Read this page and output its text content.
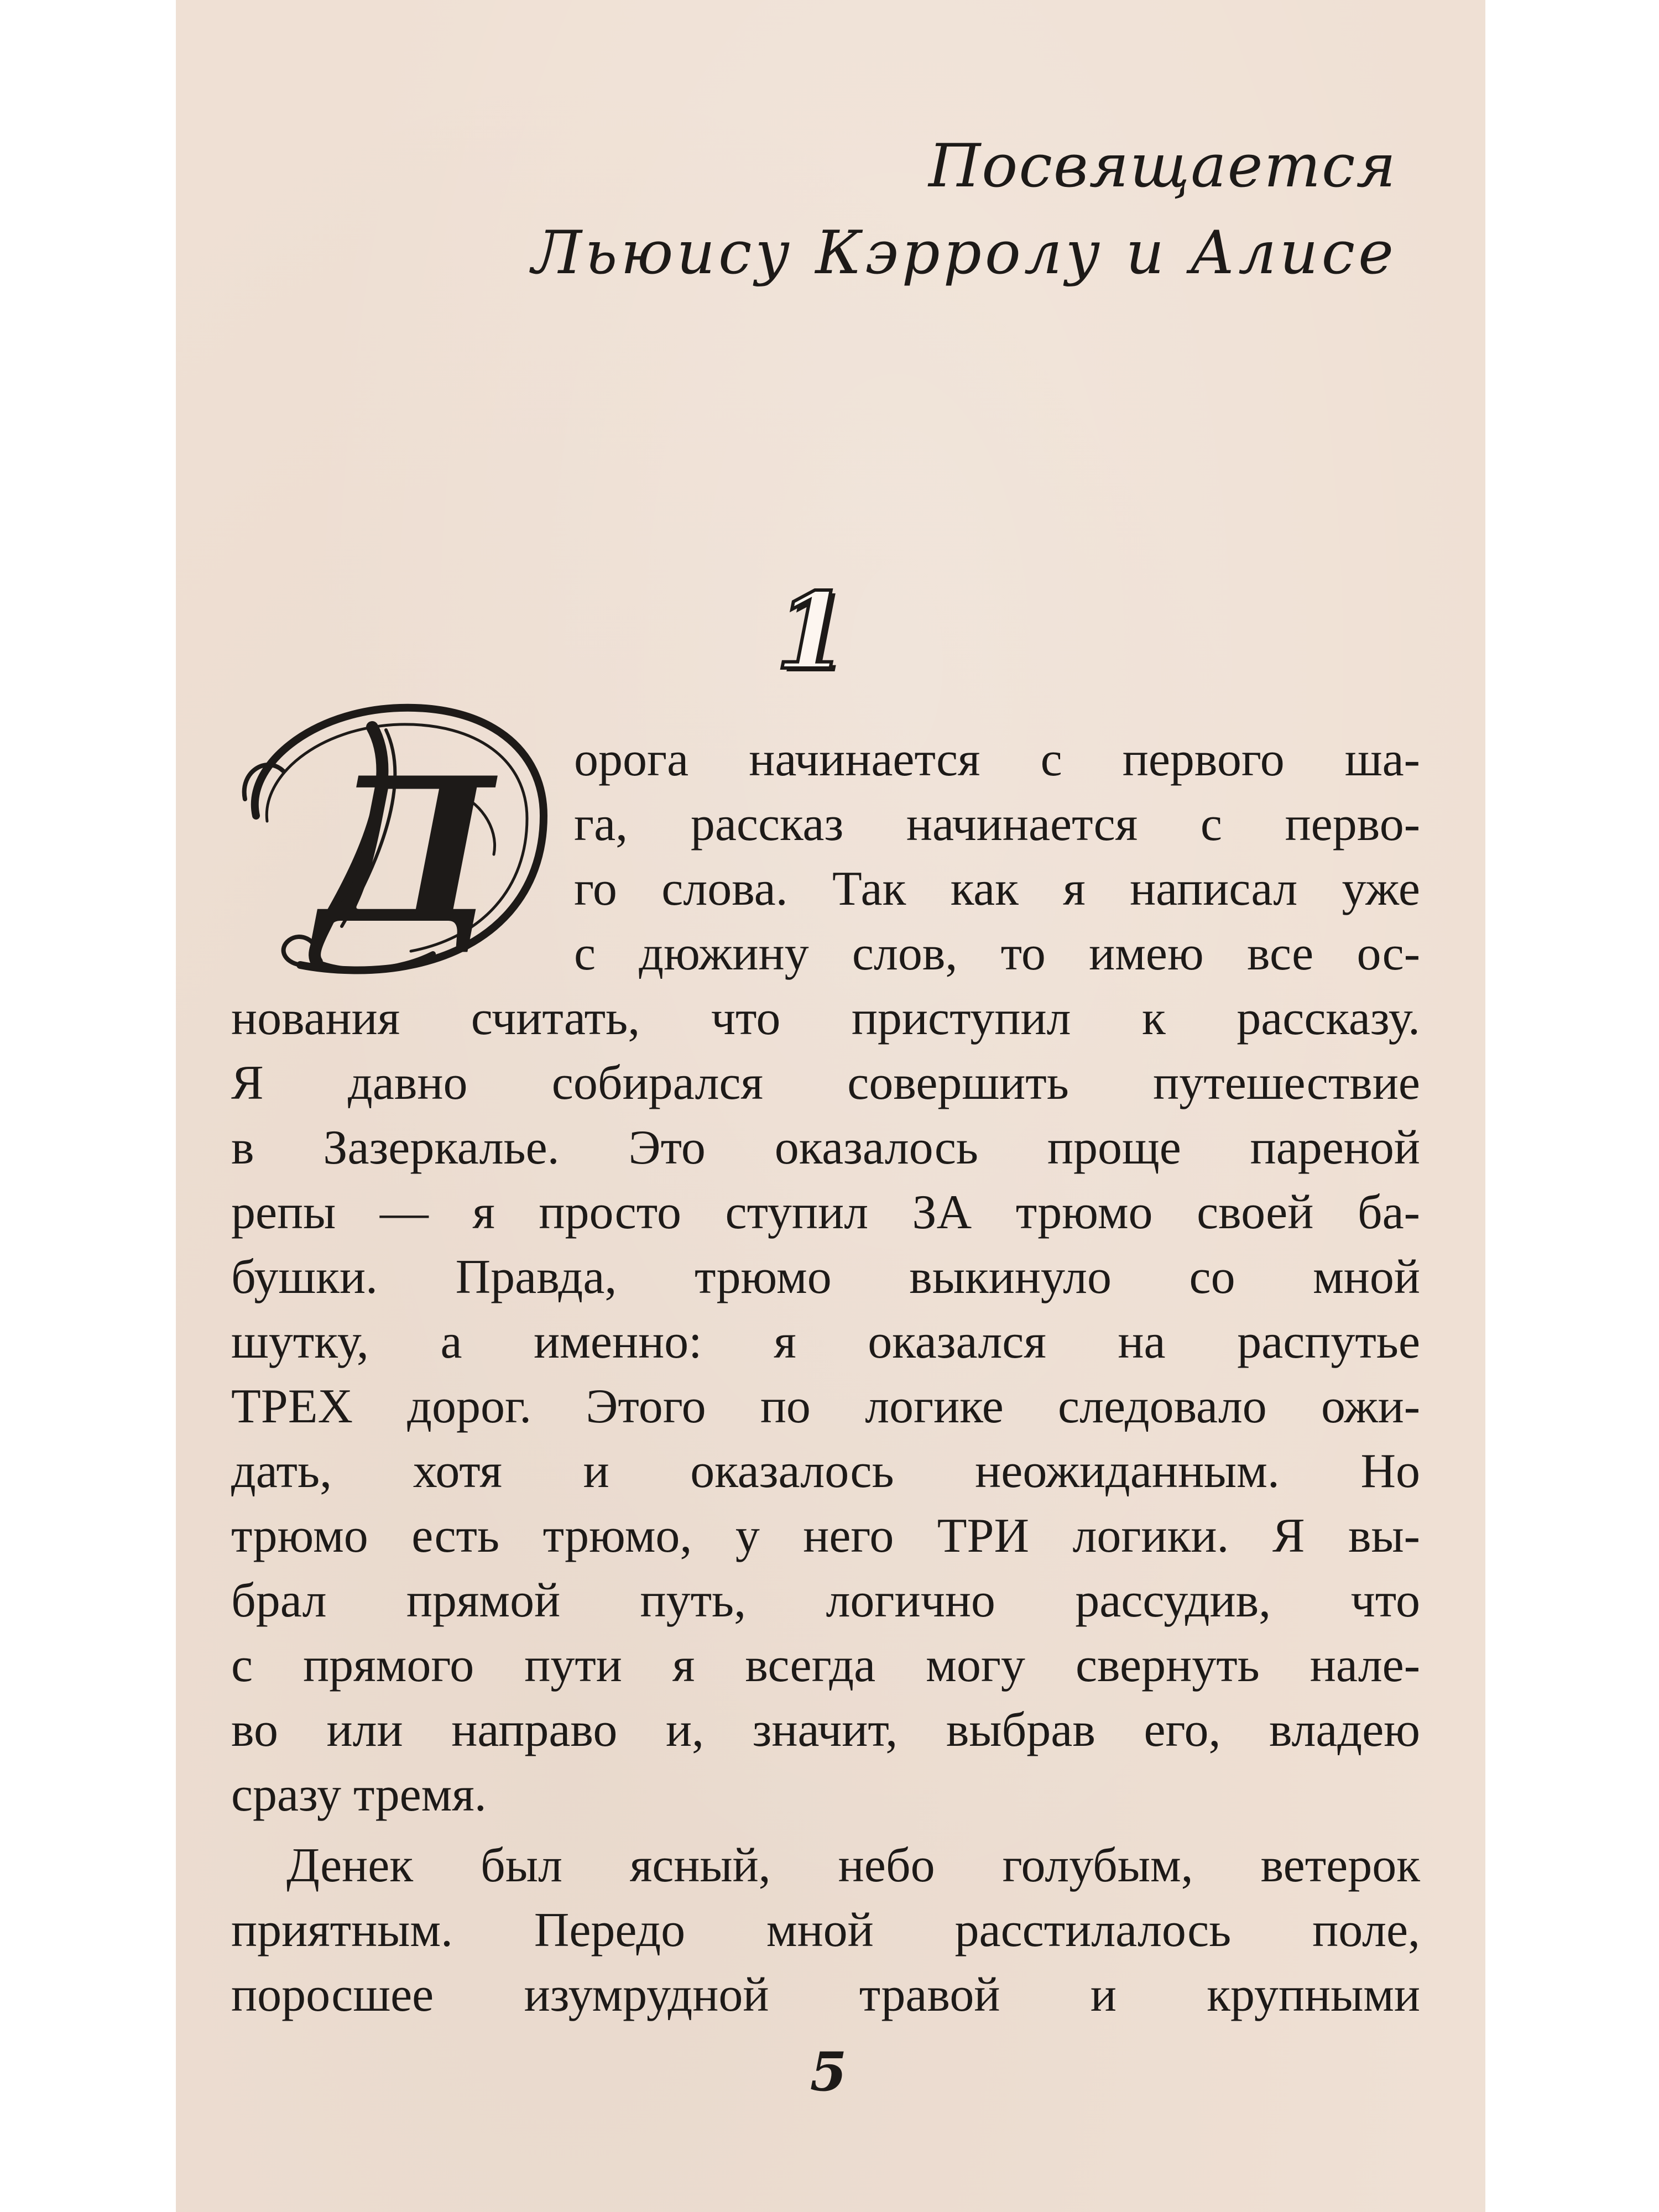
Посвящается
Льюису Кэрролу и Алисе
1
Д орога начинается с первого ша-
га, рассказ начинается с перво-
го слова. Так как я написал уже
с дюжину слов, то имею все ос-
нования считать, что приступил к рассказу.
Я давно собирался совершить путешествие
в Зазеркалье. Это оказалось проще пареной
репы — я просто ступил ЗА трюмо своей ба-
бушки. Правда, трюмо выкинуло со мной
шутку, а именно: я оказался на распутье
ТРЕХ дорог. Этого по логике следовало ожи-
дать, хотя и оказалось неожиданным. Но
трюмо есть трюмо, у него ТРИ логики. Я вы-
брал прямой путь, логично рассудив, что
с прямого пути я всегда могу свернуть нале-
во или направо и, значит, выбрав его, владею
сразу тремя.
Денек был ясный, небо голубым, ветерок
приятным. Передо мной расстилалось поле,
поросшее изумрудной травой и крупными
5
